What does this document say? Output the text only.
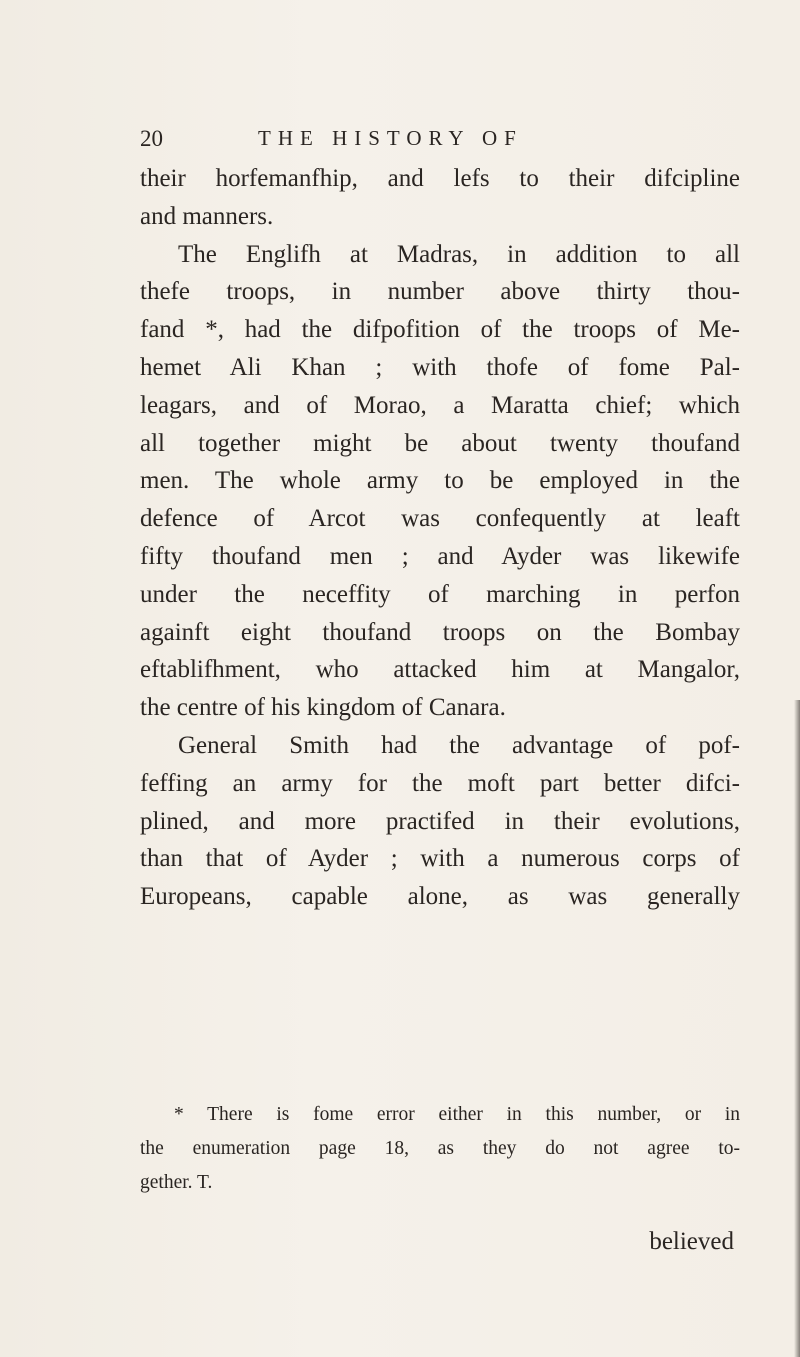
20	THE HISTORY OF
their horfemanfhip, and lefs to their difcipline
and manners.
The Englifh at Madras, in addition to all
thefe troops, in number above thirty thou-
fand *, had the difpofition of the troops of Me-
hemet Ali Khan ; with thofe of fome Pal-
leagars, and of Morao, a Maratta chief; which
all together might be about twenty thoufand
men. The whole army to be employed in the
defence of Arcot was confequently at leaft
fifty thoufand men ; and Ayder was likewife
under the neceffity of marching in perfon
againft eight thoufand troops on the Bombay
eftablifhment, who attacked him at Mangalor,
the centre of his kingdom of Canara.
General Smith had the advantage of pof-
feffing an army for the moft part better difci-
plined, and more practifed in their evolutions,
than that of Ayder ; with a numerous corps of
Europeans, capable alone, as was generally
* There is fome error either in this number, or in
the enumeration page 18, as they do not agree to-
gether. T.
believed
